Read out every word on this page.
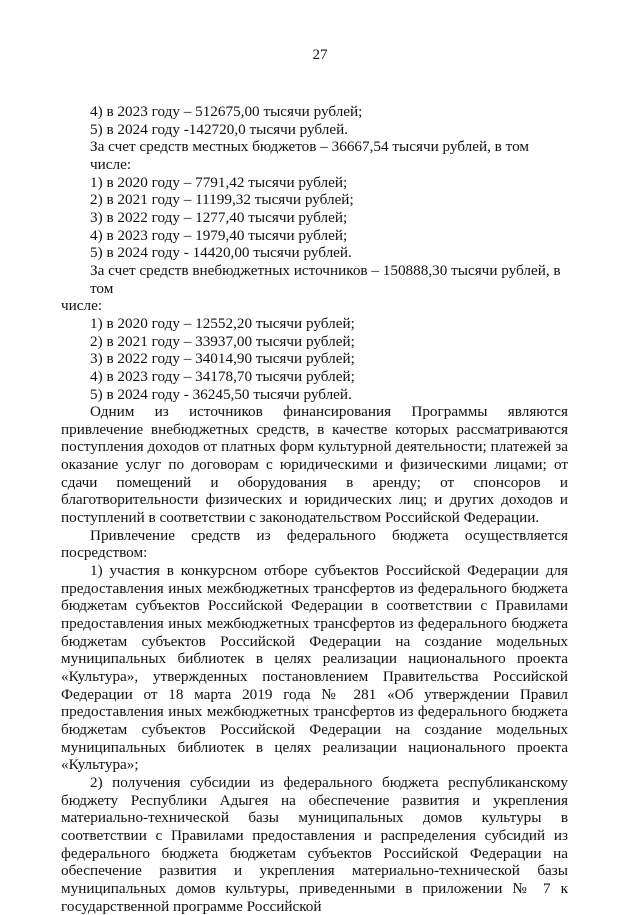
27

4) в 2023 году – 512675,00 тысячи рублей;

5) в 2024 году -142720,0 тысячи рублей.

За счет средств местных бюджетов – 36667,54 тысячи рублей, в том числе:

1) в 2020 году – 7791,42 тысячи рублей;

2) в 2021 году – 11199,32 тысячи рублей;

3) в 2022 году – 1277,40 тысячи рублей;

4) в 2023 году – 1979,40 тысячи рублей;

5) в 2024 году - 14420,00 тысячи рублей.

За счет средств внебюджетных источников – 150888,30 тысячи рублей, в том

числе:

1) в 2020 году – 12552,20 тысячи рублей;

2) в 2021 году – 33937,00 тысячи рублей;

3) в 2022 году – 34014,90 тысячи рублей;

4) в 2023 году – 34178,70 тысячи рублей;

5) в 2024 году - 36245,50 тысячи рублей.

Одним из источников финансирования Программы являются привлечение внебюджетных средств, в качестве которых рассматриваются поступления доходов от платных форм культурной деятельности; платежей за оказание услуг по договорам с юридическими и физическими лицами; от сдачи помещений и оборудования в аренду; от спонсоров и благотворительности физических и юридических лиц; и других доходов и поступлений в соответствии с законодательством Российской Федерации.

Привлечение средств из федерального бюджета осуществляется посредством:

1) участия в конкурсном отборе субъектов Российской Федерации для предоставления иных межбюджетных трансфертов из федерального бюджета бюджетам субъектов Российской Федерации в соответствии с Правилами предоставления иных межбюджетных трансфертов из федерального бюджета бюджетам субъектов Российской Федерации на создание модельных муниципальных библиотек в целях реализации национального проекта «Культура», утвержденных постановлением Правительства Российской Федерации от 18 марта 2019 года № 281 «Об утверждении Правил предоставления иных межбюджетных трансфертов из федерального бюджета бюджетам субъектов Российской Федерации на создание модельных муниципальных библиотек в целях реализации национального проекта «Культура»;

2) получения субсидии из федерального бюджета республиканскому бюджету Республики Адыгея на обеспечение развития и укрепления материально-технической базы муниципальных домов культуры в соответствии с Правилами предоставления и распределения субсидий из федерального бюджета бюджетам субъектов Российской Федерации на обеспечение развития и укрепления материально-технической базы муниципальных домов культуры, приведенными в приложении № 7 к государственной программе Российской
